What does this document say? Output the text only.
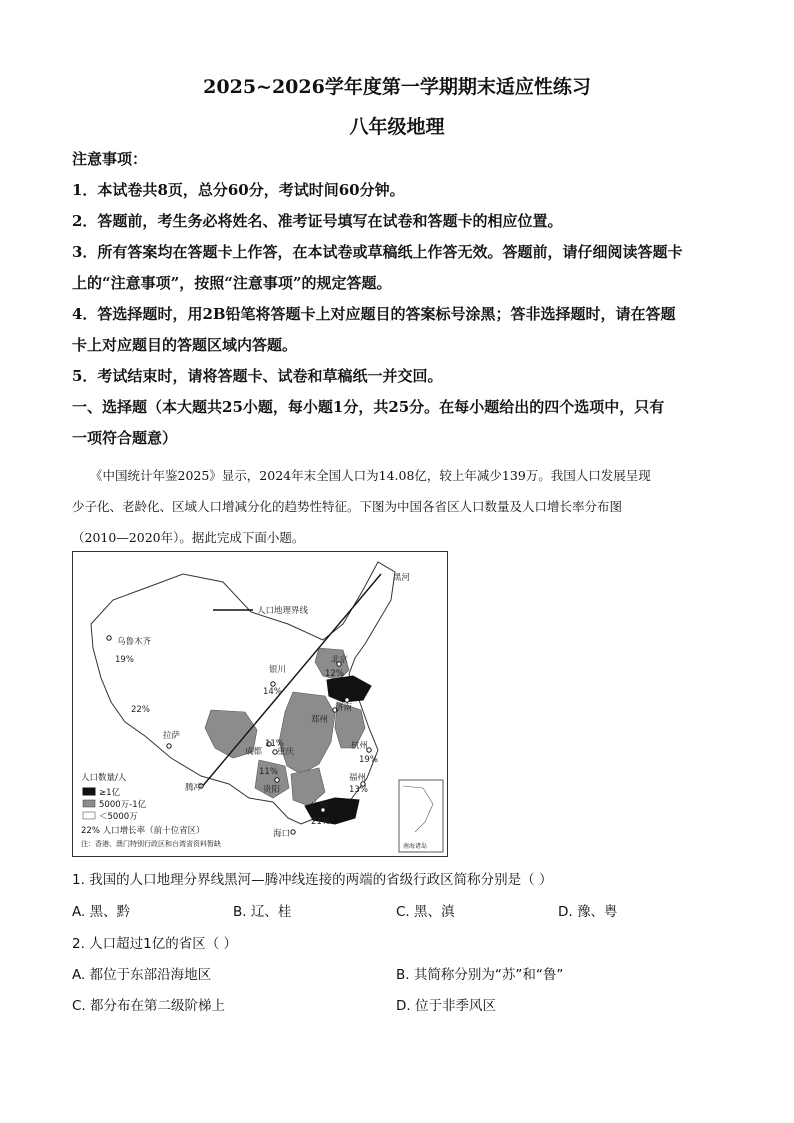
2025~2026学年度第一学期期末适应性练习
八年级地理
注意事项：
1．本试卷共8页，总分60分，考试时间60分钟。
2．答题前，考生务必将姓名、准考证号填写在试卷和答题卡的相应位置。
3．所有答案均在答题卡上作答，在本试卷或草稿纸上作答无效。答题前，请仔细阅读答题卡
上的“注意事项”，按照“注意事项”的规定答题。
4．答选择题时，用2B铅笔将答题卡上对应题目的答案标号涂黑；答非选择题时，请在答题
卡上对应题目的答题区域内答题。
5．考试结束时，请将答题卡、试卷和草稿纸一并交回。
一、选择题（本大题共25小题，每小题1分，共25分。在每小题给出的四个选项中，只有
一项符合题意）
《中国统计年鉴2025》显示，2024年末全国人口为14.08亿，较上年减少139万。我国人口发展呈现
少子化、老龄化、区域人口增减分化的趋势性特征。下图为中国各省区人口数量及人口增长率分布图
（2010—2020年）。据此完成下面小题。
人口地理界线
黑河
乌鲁木齐
银川
北京
济南
郑州
拉萨
成都 重庆
杭州
福州
贵阳
广州
海口
腾冲
19%
22%
14%
12%
11%
11%
19%
13%
21%
人口数量/人
≥1亿
5000万-1亿
＜5000万
22% 人口增长率（前十位省区）
注：香港、澳门特别行政区和台湾省资料暂缺	南海诸岛
1. 我国的人口地理分界线黑河—腾冲线连接的两端的省级行政区简称分别是（ ）
A. 黑、黔	B. 辽、桂	C. 黑、滇	D. 豫、粤
2. 人口超过1亿的省区（ ）
A. 都位于东部沿海地区	B. 其简称分别为“苏”和“鲁”
C. 都分布在第二级阶梯上	D. 位于非季风区
